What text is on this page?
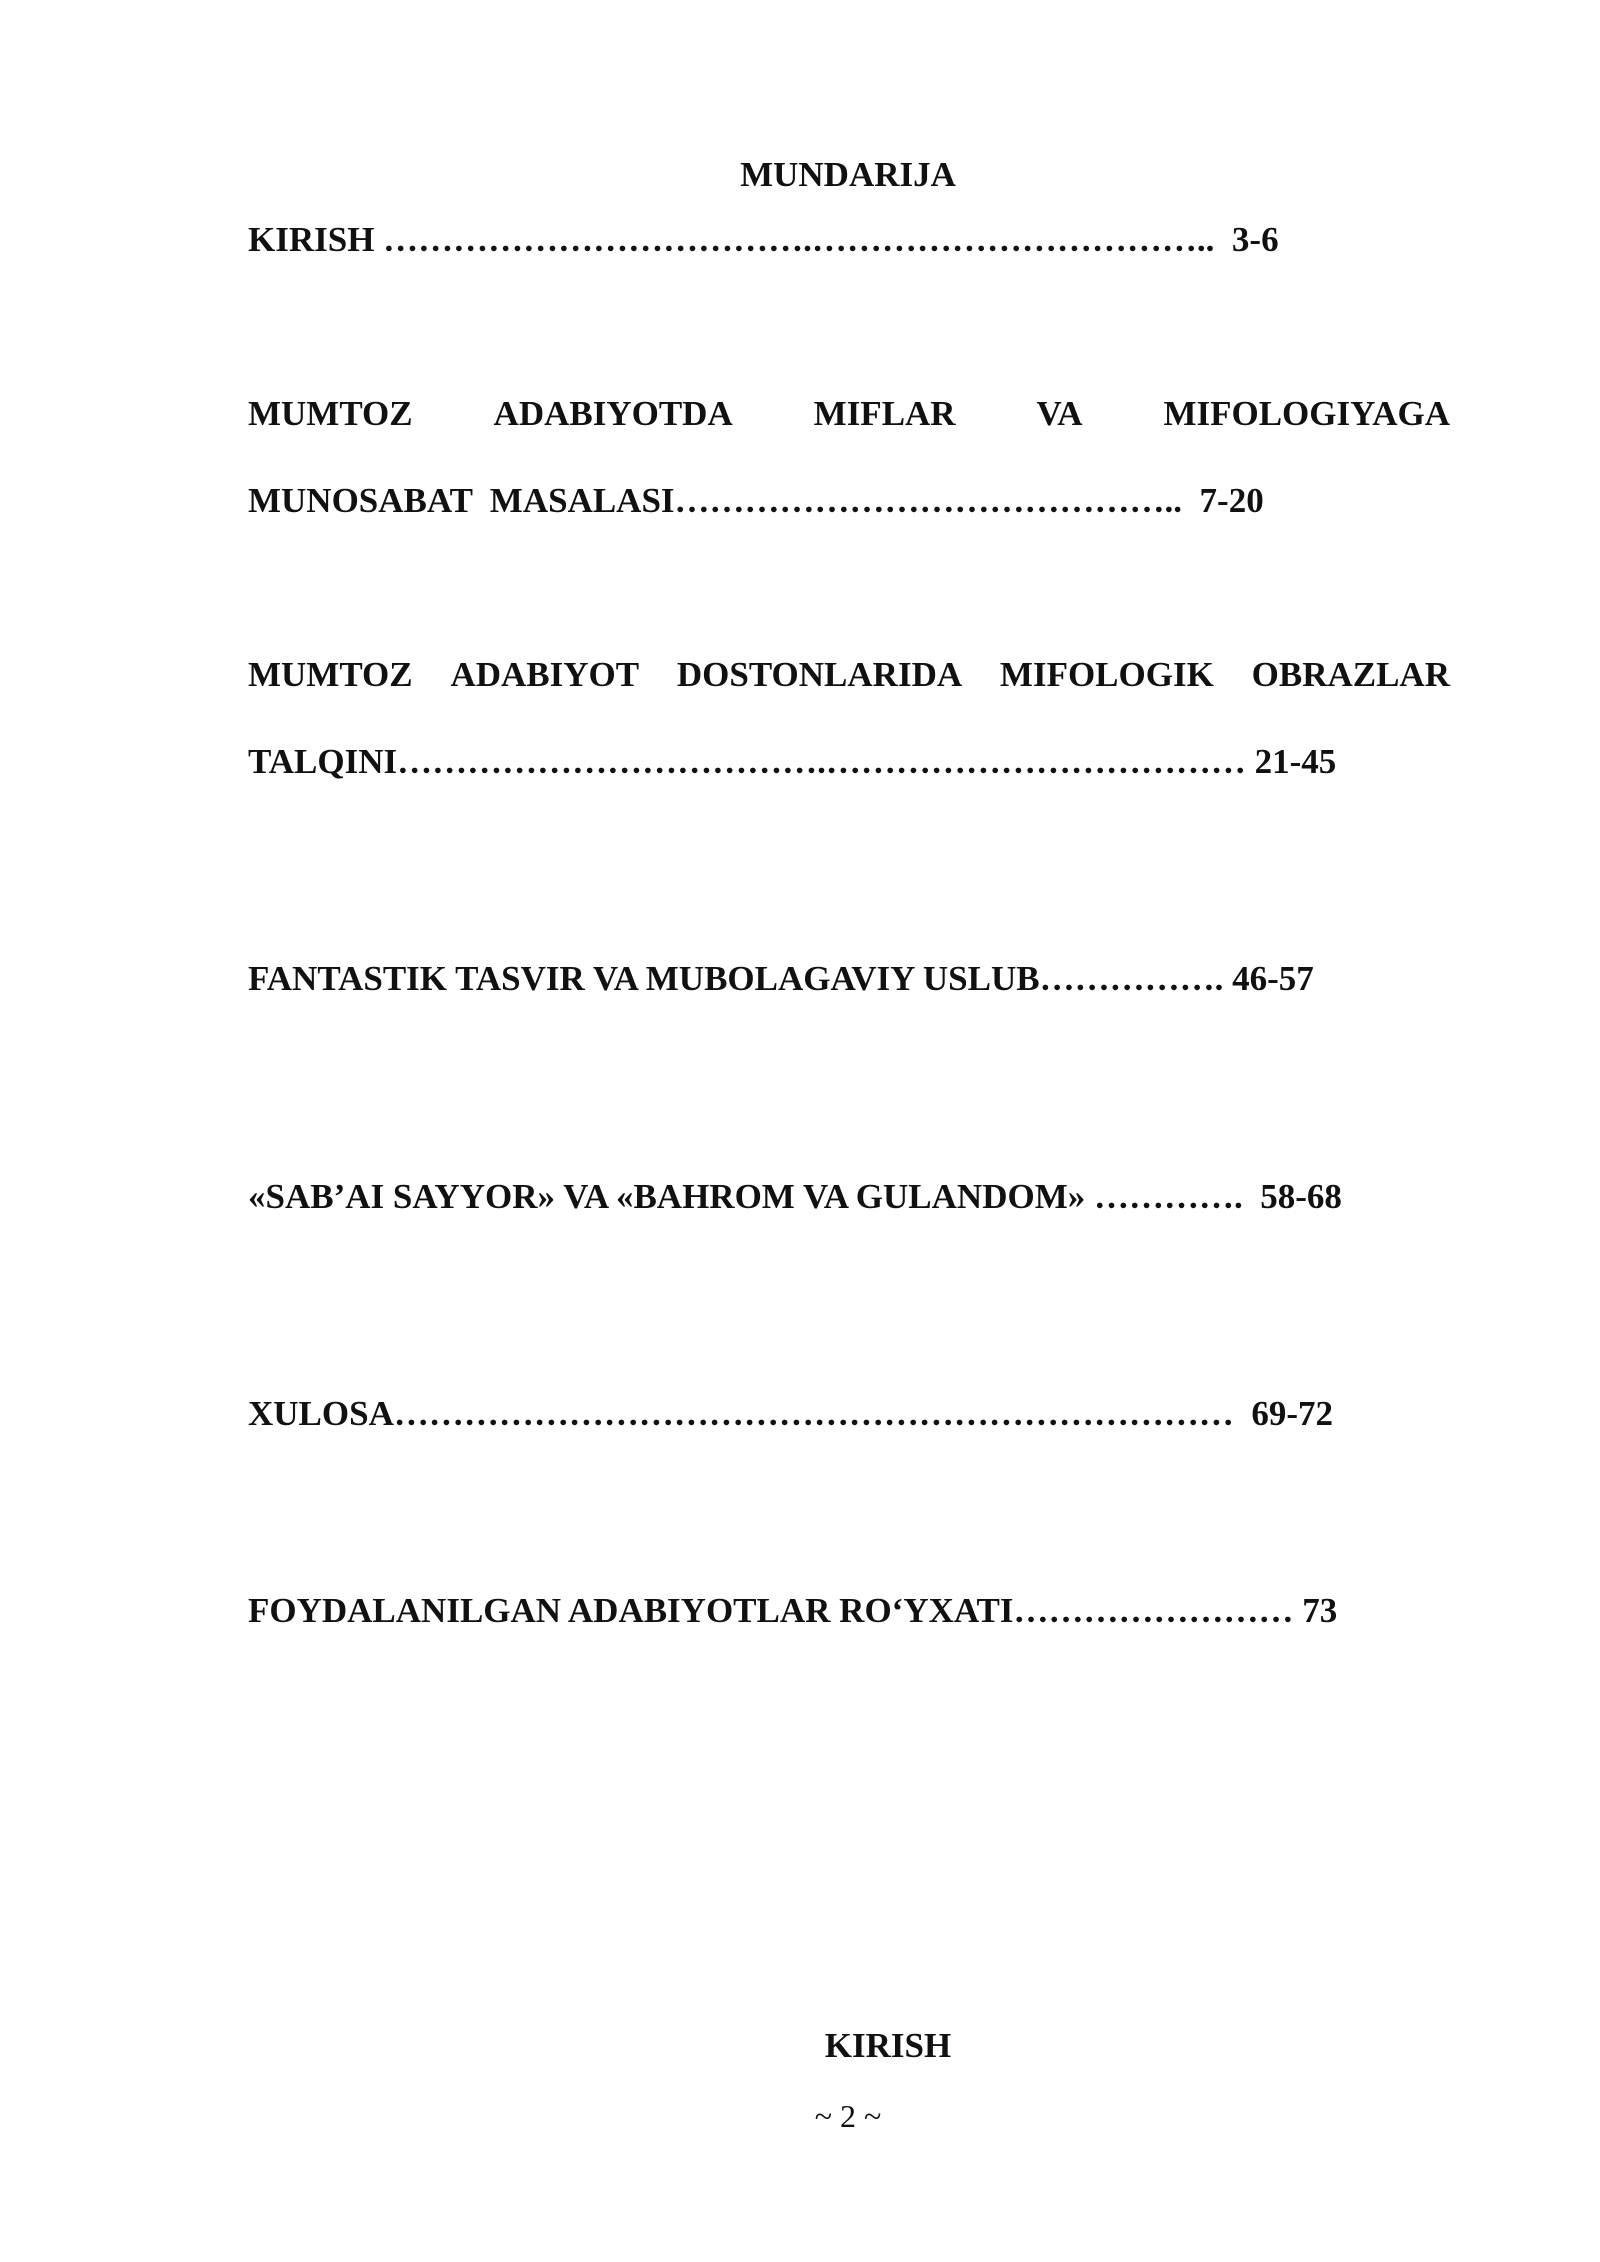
MUNDARIJA
KIRISH ……………………………….……………………………..  3-6
MUMTOZ ADABIYOTDA MIFLAR VA MIFOLOGIYAGA
MUNOSABAT  MASALASI……………………………………..  7-20
MUMTOZ ADABIYOT DOSTONLARIDA MIFOLOGIK OBRAZLAR
TALQINI……………………………….……………………………… 21-45
FANTASTIK TASVIR VA MUBOLAGAVIY USLUB……………. 46-57
«SAB’AI SAYYOR» VA «BAHROM VA GULANDOM» ………….  58-68
XULOSA………………………………………………………………  69-72
FOYDALANILGAN ADABIYOTLAR RO‘YXATI…………………… 73
KIRISH
~ 2 ~
